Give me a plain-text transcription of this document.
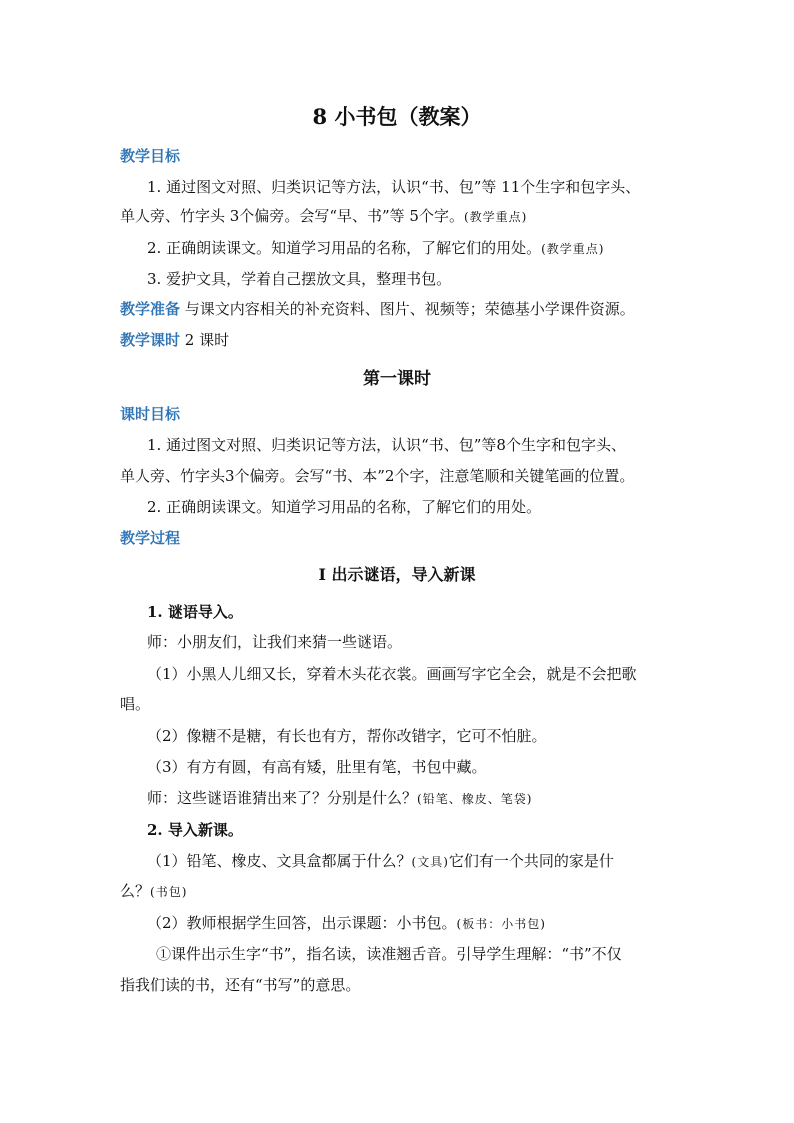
8 小书包（教案）
教学目标
1. 通过图文对照、归类识记等方法，认识“书、包”等 11个生字和包字头、
单人旁、竹字头 3个偏旁。会写“早、书”等 5个字。(教学重点)
2. 正确朗读课文。知道学习用品的名称，了解它们的用处。(教学重点)
3. 爱护文具，学着自己摆放文具，整理书包。
教学准备 与课文内容相关的补充资料、图片、视频等；荣德基小学课件资源。
教学课时 2 课时
第一课时
课时目标
1. 通过图文对照、归类识记等方法，认识“书、包”等8个生字和包字头、
单人旁、竹字头3个偏旁。会写“书、本”2个字，注意笔顺和关键笔画的位置。
2. 正确朗读课文。知道学习用品的名称，了解它们的用处。
教学过程
Ⅰ 出示谜语，导入新课
1. 谜语导入。
师：小朋友们，让我们来猜一些谜语。
（1）小黑人儿细又长，穿着木头花衣裳。画画写字它全会，就是不会把歌
唱。
（2）像糖不是糖，有长也有方，帮你改错字，它可不怕脏。
（3）有方有圆，有高有矮，肚里有笔，书包中藏。
师：这些谜语谁猜出来了？分别是什么？(铅笔、橡皮、笔袋)
2. 导入新课。
（1）铅笔、橡皮、文具盒都属于什么？(文具)它们有一个共同的家是什
么？(书包)
（2）教师根据学生回答，出示课题：小书包。(板书：小书包)
①课件出示生字“书”，指名读，读准翘舌音。引导学生理解：“书”不仅
指我们读的书，还有“书写”的意思。
